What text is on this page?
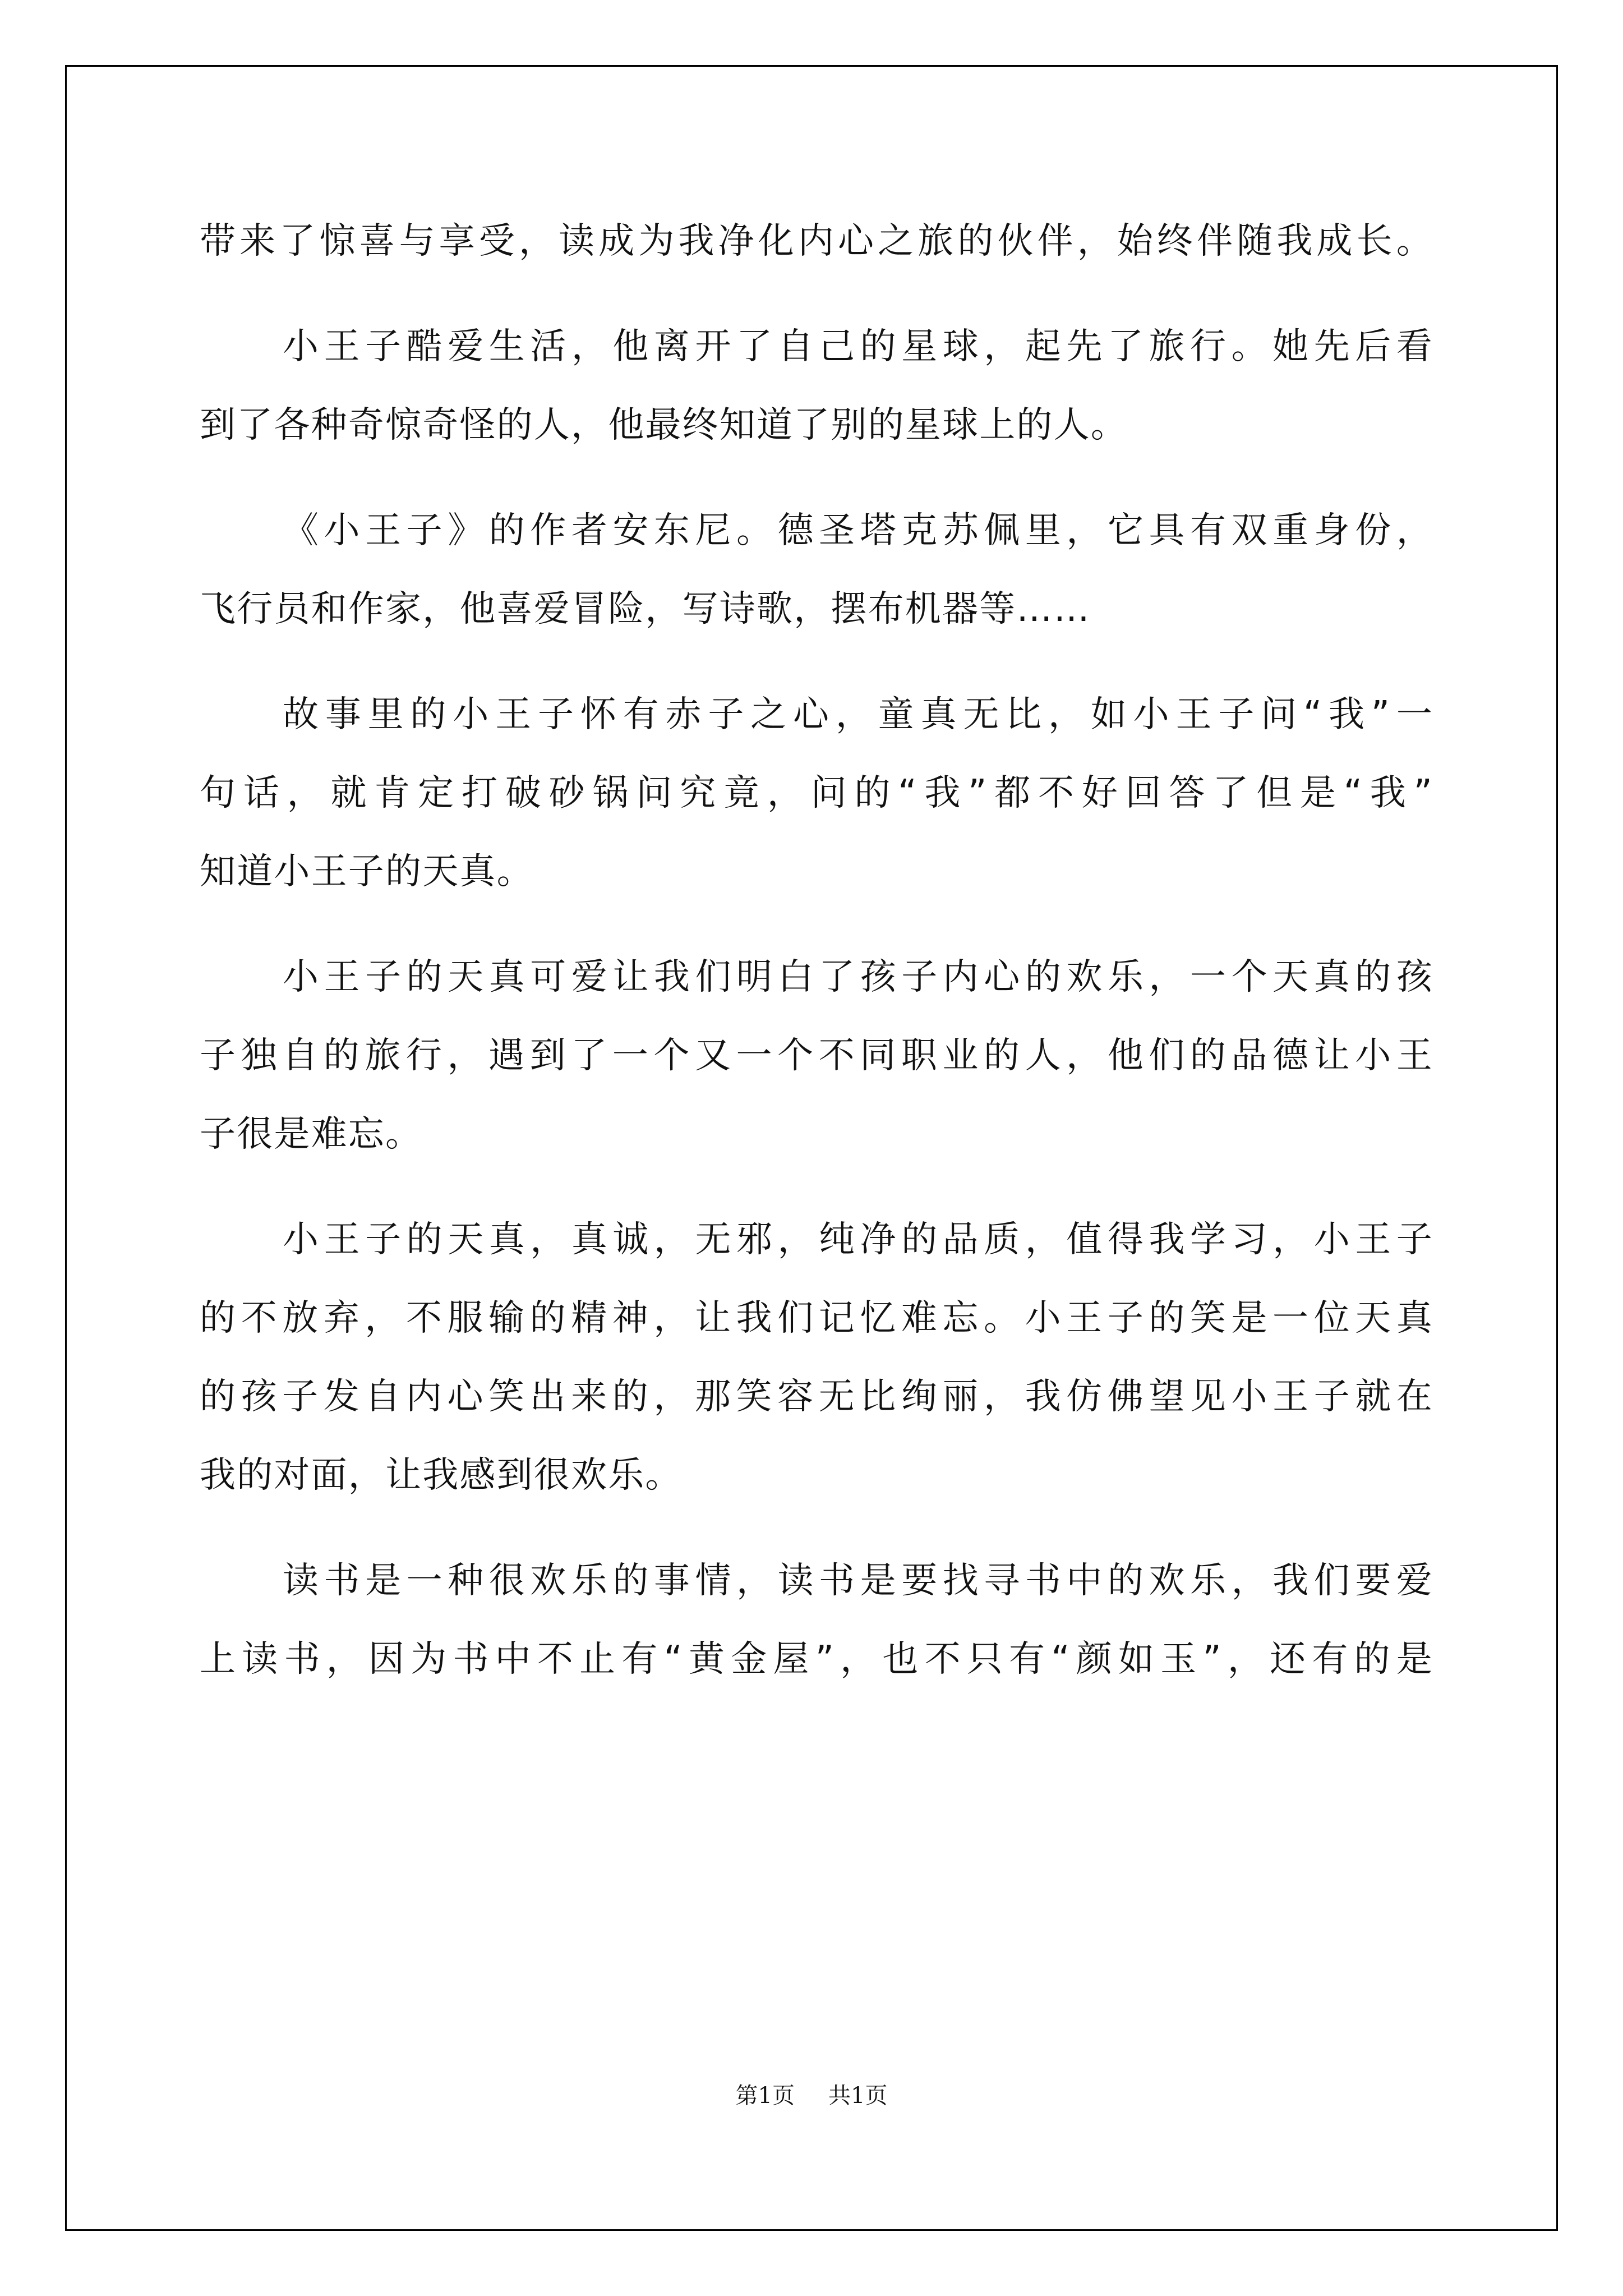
带来了惊喜与享受，读成为我净化内心之旅的伙伴，始终伴随我成长。
小王子酷爱生活，他离开了自己的星球，起先了旅行。她先后看
到了各种奇惊奇怪的人，他最终知道了别的星球上的人。
《小王子》的作者安东尼。德圣塔克苏佩里，它具有双重身份，
飞行员和作家，他喜爱冒险，写诗歌，摆布机器等……
故事里的小王子怀有赤子之心，童真无比，如小王子问“我”一
句话，就肯定打破砂锅问究竟，问的“我”都不好回答了但是“我”
知道小王子的天真。
小王子的天真可爱让我们明白了孩子内心的欢乐，一个天真的孩
子独自的旅行，遇到了一个又一个不同职业的人，他们的品德让小王
子很是难忘。
小王子的天真，真诚，无邪，纯净的品质，值得我学习，小王子
的不放弃，不服输的精神，让我们记忆难忘。小王子的笑是一位天真
的孩子发自内心笑出来的，那笑容无比绚丽，我仿佛望见小王子就在
我的对面，让我感到很欢乐。
读书是一种很欢乐的事情，读书是要找寻书中的欢乐，我们要爱
上读书，因为书中不止有“黄金屋”，也不只有“颜如玉”，还有的是
第1页 共1页
